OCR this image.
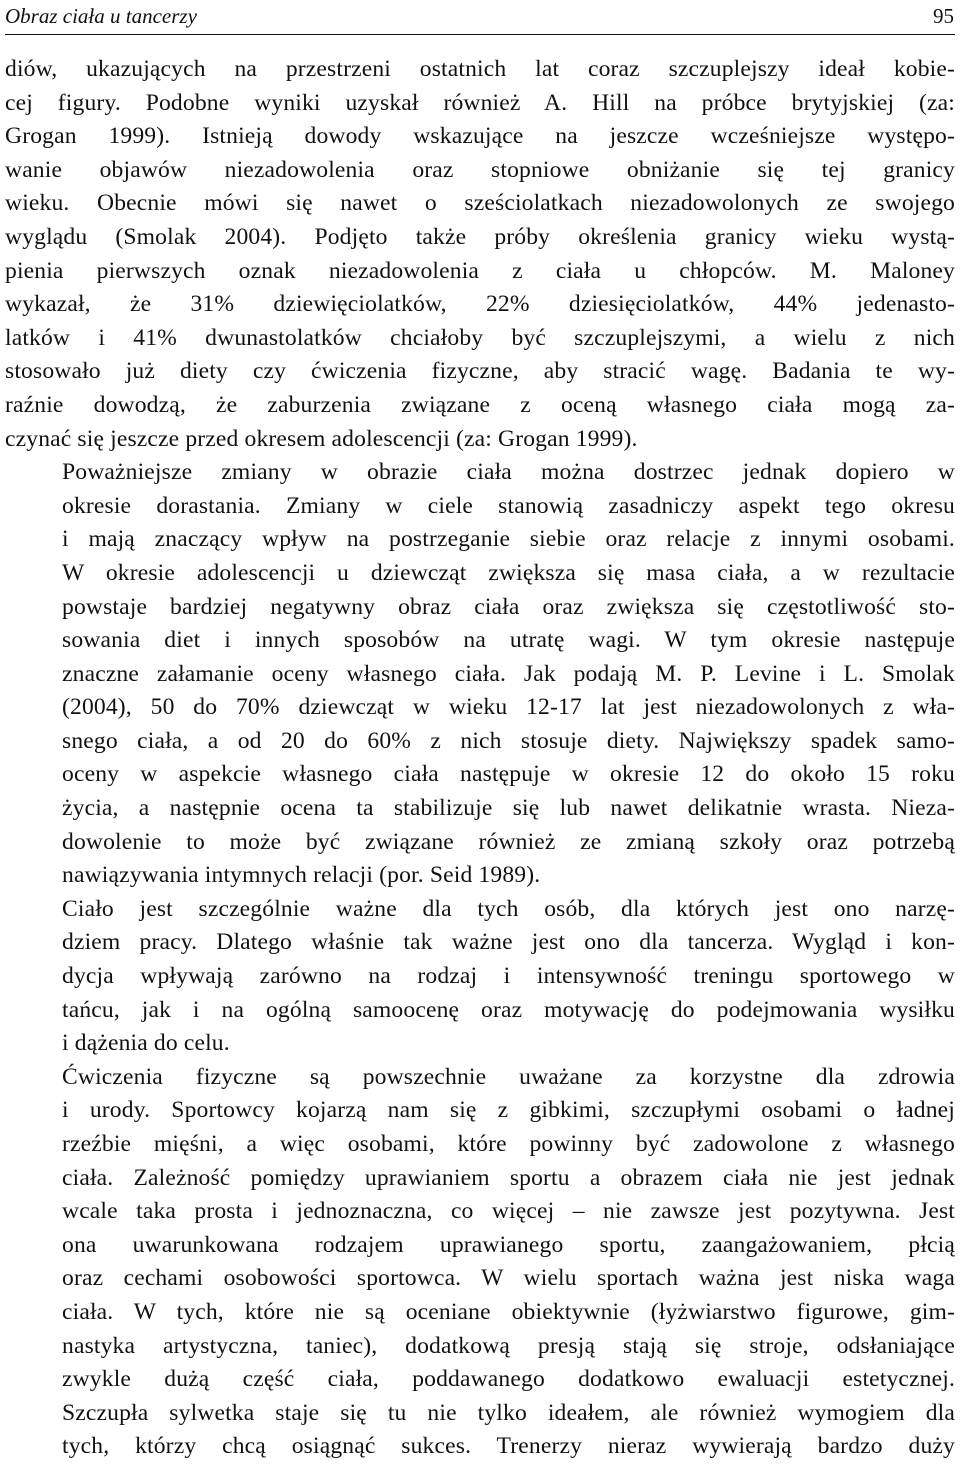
Obraz ciała u tancerzy	95

diów, ukazujących na przestrzeni ostatnich lat coraz szczuplejszy ideał kobie-
cej figury. Podobne wyniki uzyskał również A. Hill na próbce brytyjskiej (za:
Grogan 1999). Istnieją dowody wskazujące na jeszcze wcześniejsze występo-
wanie objawów niezadowolenia oraz stopniowe obniżanie się tej granicy
wieku. Obecnie mówi się nawet o sześciolatkach niezadowolonych ze swojego
wyglądu (Smolak 2004). Podjęto także próby określenia granicy wieku wystą-
pienia pierwszych oznak niezadowolenia z ciała u chłopców. M. Maloney
wykazał, że 31% dziewięciolatków, 22% dziesięciolatków, 44% jedenasto-
latków i 41% dwunastolatków chciałoby być szczuplejszymi, a wielu z nich
stosowało już diety czy ćwiczenia fizyczne, aby stracić wagę. Badania te wy-
raźnie dowodzą, że zaburzenia związane z oceną własnego ciała mogą za-
czynać się jeszcze przed okresem adolescencji (za: Grogan 1999).

Poważniejsze zmiany w obrazie ciała można dostrzec jednak dopiero w
okresie dorastania. Zmiany w ciele stanowią zasadniczy aspekt tego okresu
i mają znaczący wpływ na postrzeganie siebie oraz relacje z innymi osobami.
W okresie adolescencji u dziewcząt zwiększa się masa ciała, a w rezultacie
powstaje bardziej negatywny obraz ciała oraz zwiększa się częstotliwość sto-
sowania diet i innych sposobów na utratę wagi. W tym okresie następuje
znaczne załamanie oceny własnego ciała. Jak podają M. P. Levine i L. Smolak
(2004), 50 do 70% dziewcząt w wieku 12-17 lat jest niezadowolonych z wła-
snego ciała, a od 20 do 60% z nich stosuje diety. Największy spadek samo-
oceny w aspekcie własnego ciała następuje w okresie 12 do około 15 roku
życia, a następnie ocena ta stabilizuje się lub nawet delikatnie wrasta. Nieza-
dowolenie to może być związane również ze zmianą szkoły oraz potrzebą
nawiązywania intymnych relacji (por. Seid 1989).

Ciało jest szczególnie ważne dla tych osób, dla których jest ono narzę-
dziem pracy. Dlatego właśnie tak ważne jest ono dla tancerza. Wygląd i kon-
dycja wpływają zarówno na rodzaj i intensywność treningu sportowego w
tańcu, jak i na ogólną samoocenę oraz motywację do podejmowania wysiłku
i dążenia do celu.

Ćwiczenia fizyczne są powszechnie uważane za korzystne dla zdrowia
i urody. Sportowcy kojarzą nam się z gibkimi, szczupłymi osobami o ładnej
rzeźbie mięśni, a więc osobami, które powinny być zadowolone z własnego
ciała. Zależność pomiędzy uprawianiem sportu a obrazem ciała nie jest jednak
wcale taka prosta i jednoznaczna, co więcej – nie zawsze jest pozytywna. Jest
ona uwarunkowana rodzajem uprawianego sportu, zaangażowaniem, płcią
oraz cechami osobowości sportowca. W wielu sportach ważna jest niska waga
ciała. W tych, które nie są oceniane obiektywnie (łyżwiarstwo figurowe, gim-
nastyka artystyczna, taniec), dodatkową presją stają się stroje, odsłaniające
zwykle dużą część ciała, poddawanego dodatkowo ewaluacji estetycznej.
Szczupła sylwetka staje się tu nie tylko ideałem, ale również wymogiem dla
tych, którzy chcą osiągnąć sukces. Trenerzy nieraz wywierają bardzo duży
